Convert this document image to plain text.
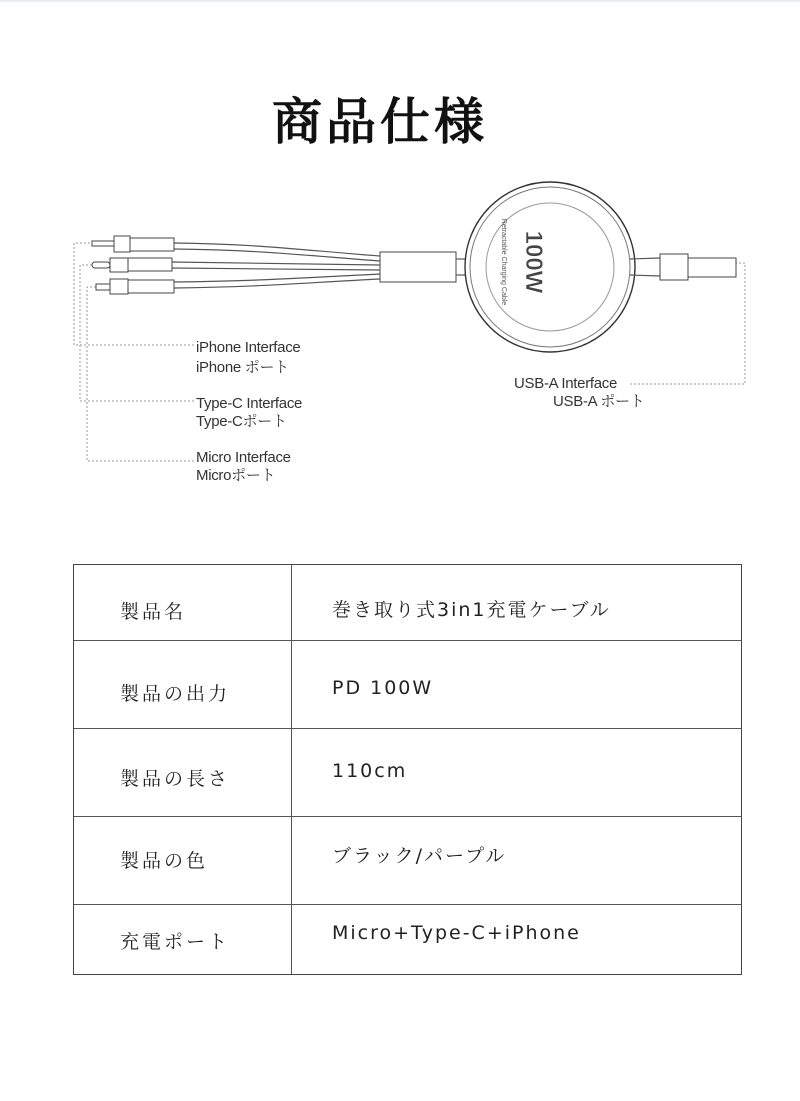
商品仕様
100W
Retractable Charging Cable
iPhone Interface
iPhone ポート
Type-C Interface
Type-Cポート
Micro Interface
Microポート
USB-A Interface
USB-A ポート
製品名	巻き取り式3in1充電ケーブル
製品の出力	PD 100W
製品の長さ	110cm
製品の色	ブラック/パープル
充電ポート	Micro+Type-C+iPhone
